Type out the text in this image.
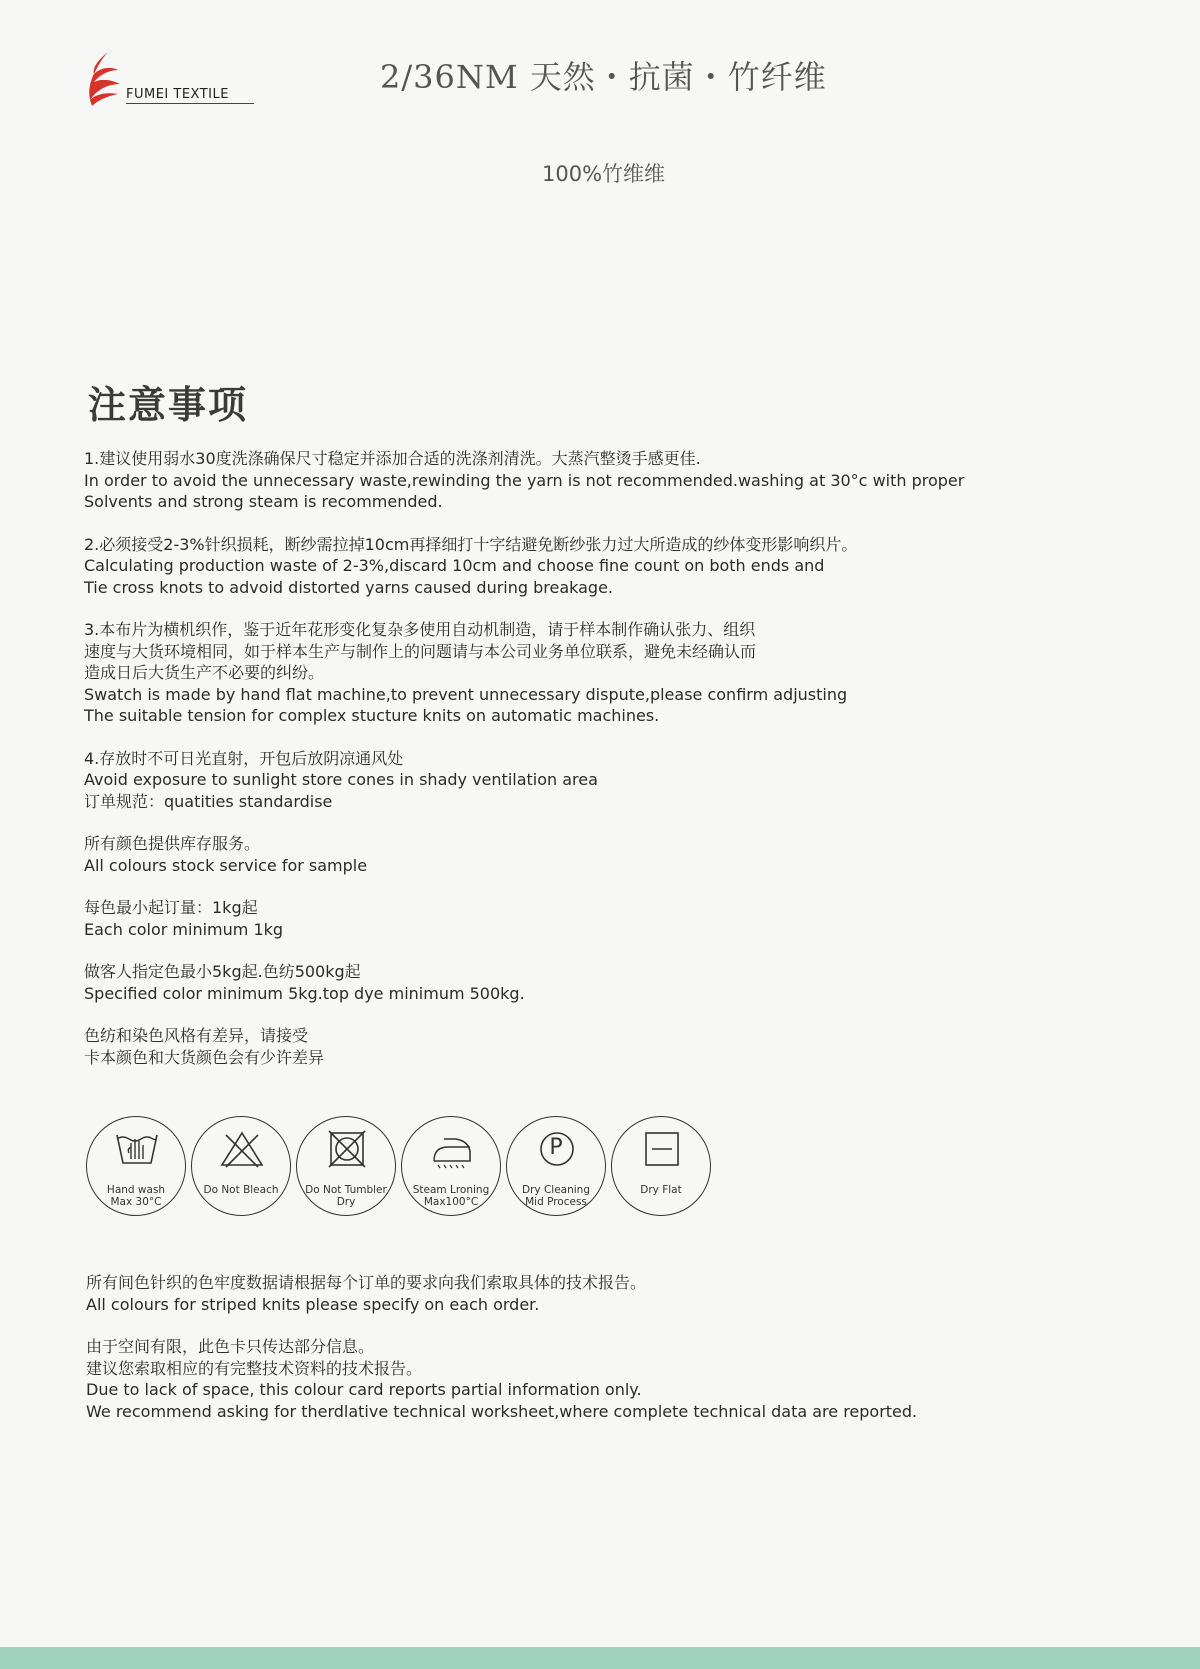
FUMEI TEXTILE	2/36NM 天然・抗菌・竹纤维
100%竹维维
注意事项
1.建议使用弱水30度洗涤确保尺寸稳定并添加合适的洗涤剂清洗。大蒸汽整烫手感更佳.
In order to avoid the unnecessary waste,rewinding the yarn is not recommended.washing at 30°c with proper
Solvents and strong steam is recommended.
2.必须接受2-3%针织损耗，断纱需拉掉10cm再择细打十字结避免断纱张力过大所造成的纱体变形影响织片。
Calculating production waste of 2-3%,discard 10cm and choose fine count on both ends and
Tie cross knots to advoid distorted yarns caused during breakage.
3.本布片为横机织作，鉴于近年花形变化复杂多使用自动机制造，请于样本制作确认张力、组织
速度与大货环境相同，如于样本生产与制作上的问题请与本公司业务单位联系，避免未经确认而
造成日后大货生产不必要的纠纷。
Swatch is made by hand flat machine,to prevent unnecessary dispute,please confirm adjusting
The suitable tension for complex stucture knits on automatic machines.
4.存放时不可日光直射，开包后放阴凉通风处
Avoid exposure to sunlight store cones in shady ventilation area
订单规范：quatities standardise
所有颜色提供库存服务。
All colours stock service for sample
每色最小起订量：1kg起
Each color minimum 1kg
做客人指定色最小5kg起.色纺500kg起
Specified color minimum 5kg.top dye minimum 500kg.
色纺和染色风格有差异，请接受
卡本颜色和大货颜色会有少许差异
Hand wash
Max 30°C
Do Not Bleach	Do Not Tumbler
Dry
Steam Lroning
Max100°C
P
Dry Cleaning
Mid Process
Dry Flat
所有间色针织的色牢度数据请根据每个订单的要求向我们索取具体的技术报告。
All colours for striped knits please specify on each order.
由于空间有限，此色卡只传达部分信息。
建议您索取相应的有完整技术资料的技术报告。
Due to lack of space, this colour card reports partial information only.
We recommend asking for therdlative technical worksheet,where complete technical data are reported.
